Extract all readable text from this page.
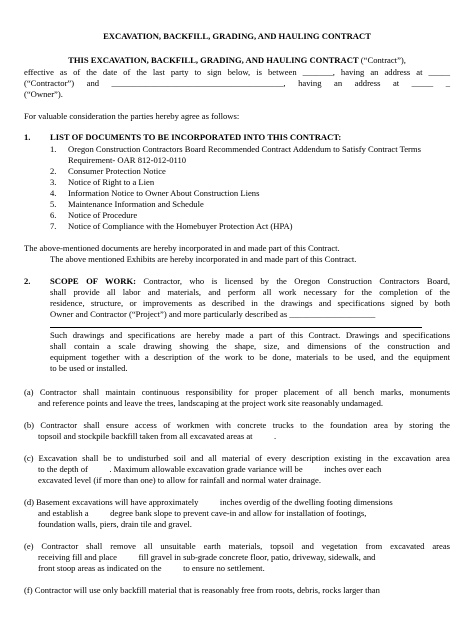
EXCAVATION, BACKFILL, GRADING, AND HAULING CONTRACT
THIS EXCAVATION, BACKFILL, GRADING, AND HAULING CONTRACT (“Contract”),
effective as of the date of the last party to sign below, is between _______, having an address at _____
(“Contractor”) and ________________________________________, having an address at _____ _
(“Owner”).
For valuable consideration the parties hereby agree as follows:
1. LIST OF DOCUMENTS TO BE INCORPORATED INTO THIS CONTRACT:
1. Oregon Construction Contractors Board Recommended Contract Addendum to Satisfy Contract Terms
Requirement- OAR 812-012-0110
2. Consumer Protection Notice
3. Notice of Right to a Lien
4. Information Notice to Owner About Construction Liens
5. Maintenance Information and Schedule
6. Notice of Procedure
7. Notice of Compliance with the Homebuyer Protection Act (HPA)
The above-mentioned documents are hereby incorporated in and made part of this Contract.
The above mentioned Exhibits are hereby incorporated in and made part of this Contract.
2. SCOPE OF WORK: Contractor, who is licensed by the Oregon Construction Contractors Board,
shall provide all labor and materials, and perform all work necessary for the completion of the
residence, structure, or improvements as described in the drawings and specifications signed by both
Owner and Contractor (“Project”) and more particularly described as ____________________
Such drawings and specifications are hereby made a part of this Contract. Drawings and specifications
shall contain a scale drawing showing the shape, size, and dimensions of the construction and
equipment together with a description of the work to be done, materials to be used, and the equipment
to be used or installed.
(a) Contractor shall maintain continuous responsibility for proper placement of all bench marks, monuments
and reference points and leave the trees, landscaping at the project work site reasonably undamaged.
(b) Contractor shall ensure access of workmen with concrete trucks to the foundation area by storing the
topsoil and stockpile backfill taken from all excavated areas at          .
(c) Excavation shall be to undisturbed soil and all material of every description existing in the excavation area
to the depth of          . Maximum allowable excavation grade variance will be          inches over each
excavated level (if more than one) to allow for rainfall and normal water drainage.
(d) Basement excavations will have approximately          inches overdig of the dwelling footing dimensions
and establish a          degree bank slope to prevent cave-in and allow for installation of footings,
foundation walls, piers, drain tile and gravel.
(e) Contractor shall remove all unsuitable earth materials, topsoil and vegetation from excavated areas
receiving fill and place          fill gravel in sub-grade concrete floor, patio, driveway, sidewalk, and
front stoop areas as indicated on the          to ensure no settlement.
(f) Contractor will use only backfill material that is reasonably free from roots, debris, rocks larger than
